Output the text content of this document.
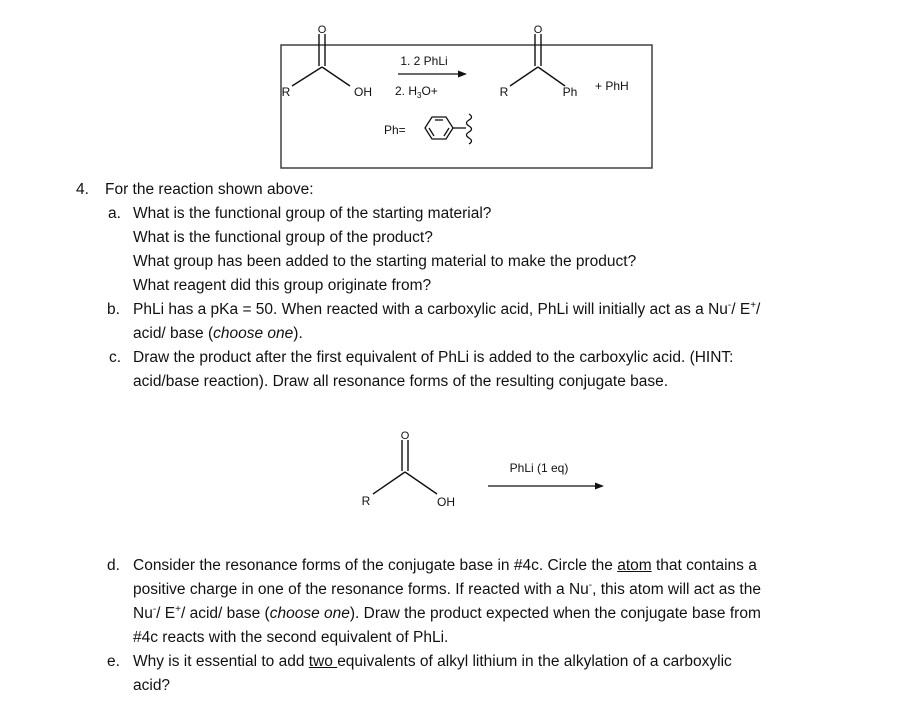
O
R	OH
1. 2 PhLi
2. $H_3O+$
O
R	Ph + PhH
Ph=
4. For the reaction shown above:
a. What is the functional group of the starting material?
What is the functional group of the product?
What group has been added to the starting material to make the product?
What reagent did this group originate from?
b. PhLi has a pKa = 50. When reacted with a carboxylic acid, PhLi will initially act as a Nu-/ E+/
acid/ base (choose one).
c. Draw the product after the first equivalent of PhLi is added to the carboxylic acid. (HINT:
acid/base reaction). Draw all resonance forms of the resulting conjugate base.
O
R	OH
PhLi (1 eq)
d. Consider the resonance forms of the conjugate base in #4c. Circle the atom that contains a
positive charge in one of the resonance forms. If reacted with a Nu-, this atom will act as the
Nu-/ E+/ acid/ base (choose one). Draw the product expected when the conjugate base from
#4c reacts with the second equivalent of PhLi.
e. Why is it essential to add two equivalents of alkyl lithium in the alkylation of a carboxylic
acid?
